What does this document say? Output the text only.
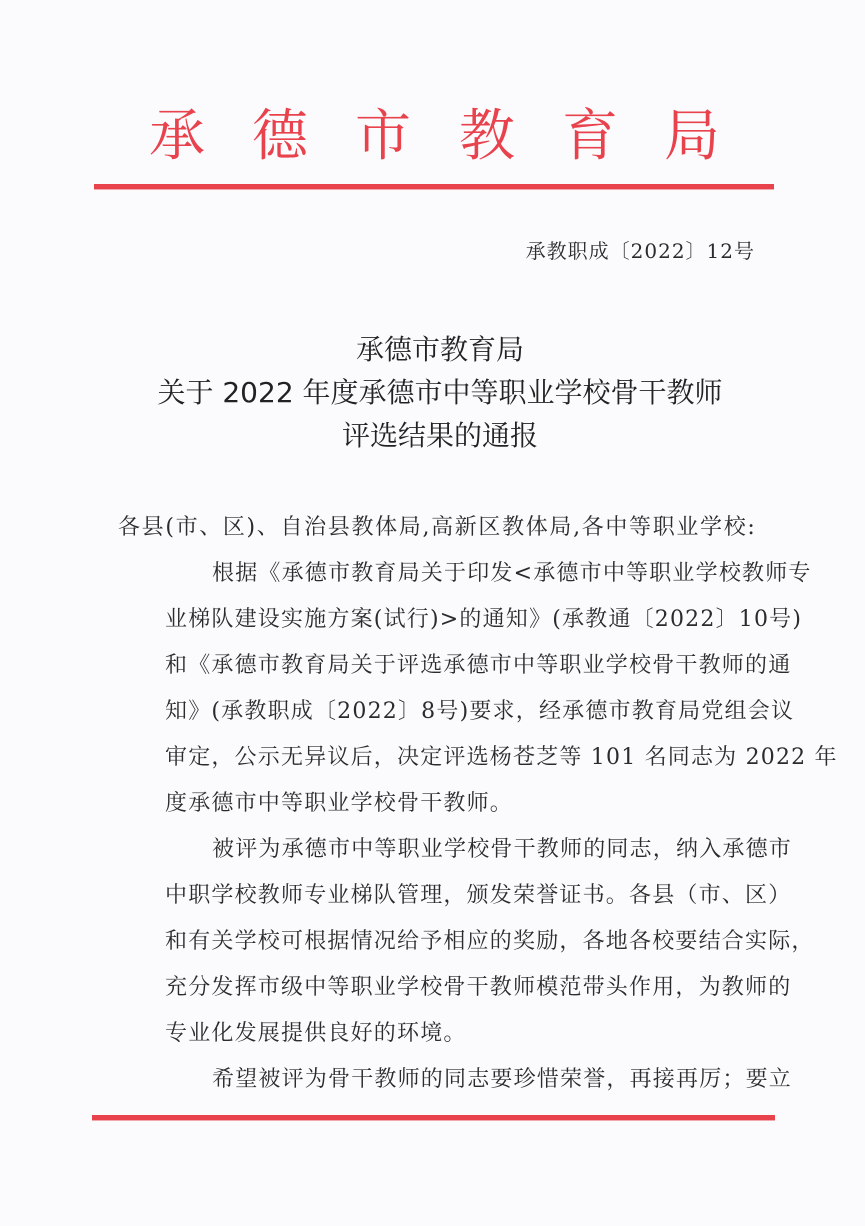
承 德 市 教 育 局
承教职成〔2022〕12号
承德市教育局
关于 2022 年度承德市中等职业学校骨干教师
评选结果的通报

各县(市、区)、自治县教体局,高新区教体局,各中等职业学校:

根据《承德市教育局关于印发<承德市中等职业学校教师专
业梯队建设实施方案(试行)>的通知》(承教通〔2022〕10号)
和《承德市教育局关于评选承德市中等职业学校骨干教师的通
知》(承教职成〔2022〕8号)要求，经承德市教育局党组会议
审定，公示无异议后，决定评选杨苍芝等 101 名同志为 2022 年
度承德市中等职业学校骨干教师。

被评为承德市中等职业学校骨干教师的同志，纳入承德市
中职学校教师专业梯队管理，颁发荣誉证书。各县（市、区）
和有关学校可根据情况给予相应的奖励，各地各校要结合实际，
充分发挥市级中等职业学校骨干教师模范带头作用，为教师的
专业化发展提供良好的环境。

希望被评为骨干教师的同志要珍惜荣誉，再接再厉；要立
